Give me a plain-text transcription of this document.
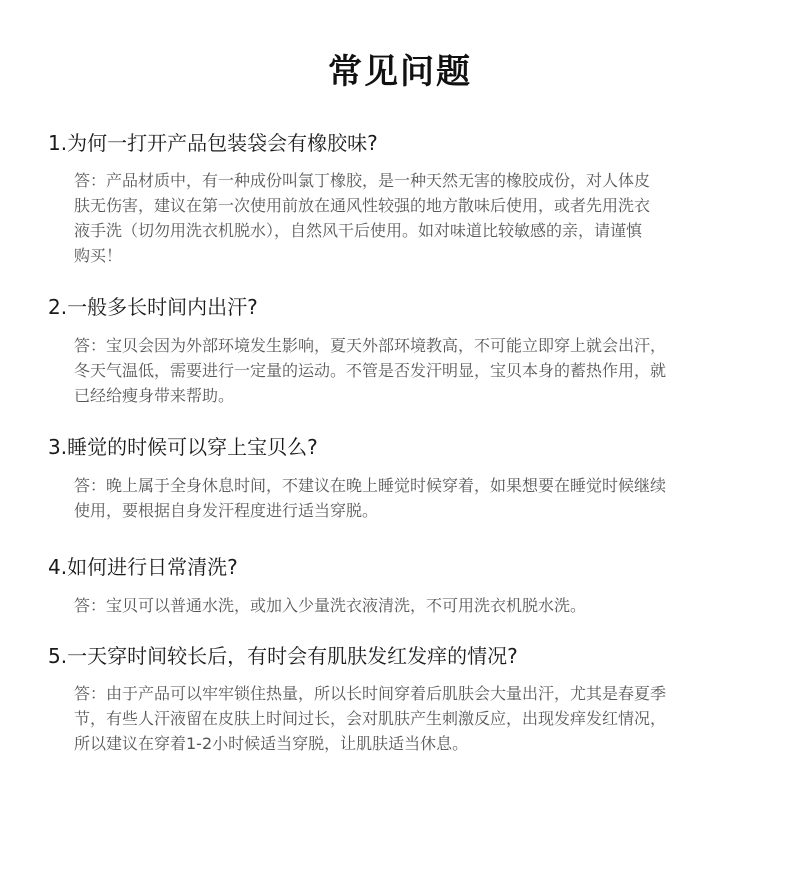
常见问题
1.为何一打开产品包装袋会有橡胶味?
答：产品材质中，有一种成份叫氯丁橡胶，是一种天然无害的橡胶成份，对人体皮
肤无伤害，建议在第一次使用前放在通风性较强的地方散味后使用，或者先用洗衣
液手洗（切勿用洗衣机脱水），自然风干后使用。如对味道比较敏感的亲，请谨慎
购买！
2.一般多长时间内出汗?
答：宝贝会因为外部环境发生影响，夏天外部环境教高，不可能立即穿上就会出汗，
冬天气温低，需要进行一定量的运动。不管是否发汗明显，宝贝本身的蓄热作用，就
已经给瘦身带来帮助。
3.睡觉的时候可以穿上宝贝么?
答：晚上属于全身休息时间，不建议在晚上睡觉时候穿着，如果想要在睡觉时候继续
使用，要根据自身发汗程度进行适当穿脱。
4.如何进行日常清洗?
答：宝贝可以普通水洗，或加入少量洗衣液清洗，不可用洗衣机脱水洗。
5.一天穿时间较长后，有时会有肌肤发红发痒的情况?
答：由于产品可以牢牢锁住热量，所以长时间穿着后肌肤会大量出汗，尤其是春夏季
节，有些人汗液留在皮肤上时间过长，会对肌肤产生刺激反应，出现发痒发红情况，
所以建议在穿着1-2小时候适当穿脱，让肌肤适当休息。
